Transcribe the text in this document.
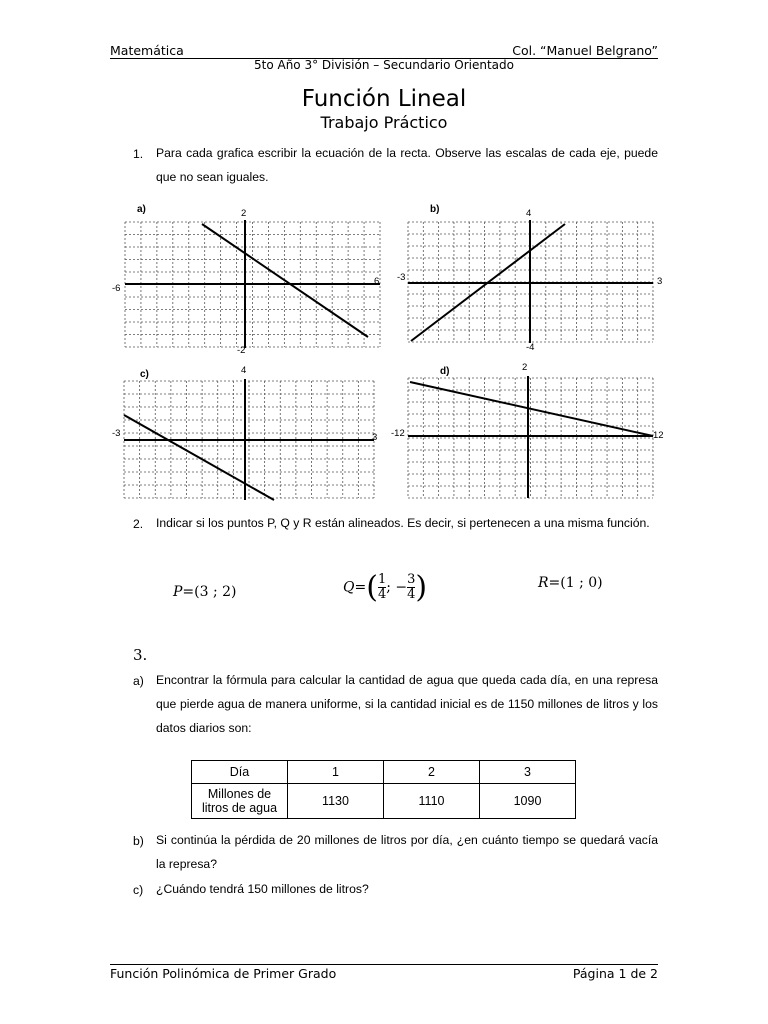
Matemática	Col. “Manuel Belgrano”
5to Año 3° División – Secundario Orientado
Función Lineal
Trabajo Práctico
1. Para cada grafica escribir la ecuación de la recta. Observe las escalas de cada eje, puede que no sean iguales.
a)	2
-2
-6
6
b)	4
-4
-3	3
c)	4
-3	3
d)	2
-12	12
2. Indicar si los puntos P, Q y R están alineados. Es decir, si pertenecen a una misma función.
P=(3 ; 2)	$Q=( \frac{1}{4}$ ; − $\frac{3}{4}$ )	R=(1 ; 0)
3.
a) Encontrar la fórmula para calcular la cantidad de agua que queda cada día, en una represa que pierde agua de manera uniforme, si la cantidad inicial es de 1150 millones de litros y los datos diarios son:
Día	1	2	3

Millones de
litros de agua	1130	1110	1090
b) Si continúa la pérdida de 20 millones de litros por día, ¿en cuánto tiempo se quedará vacía la represa?
c) ¿Cuándo tendrá 150 millones de litros?
Función Polinómica de Primer Grado	Página 1 de 2
